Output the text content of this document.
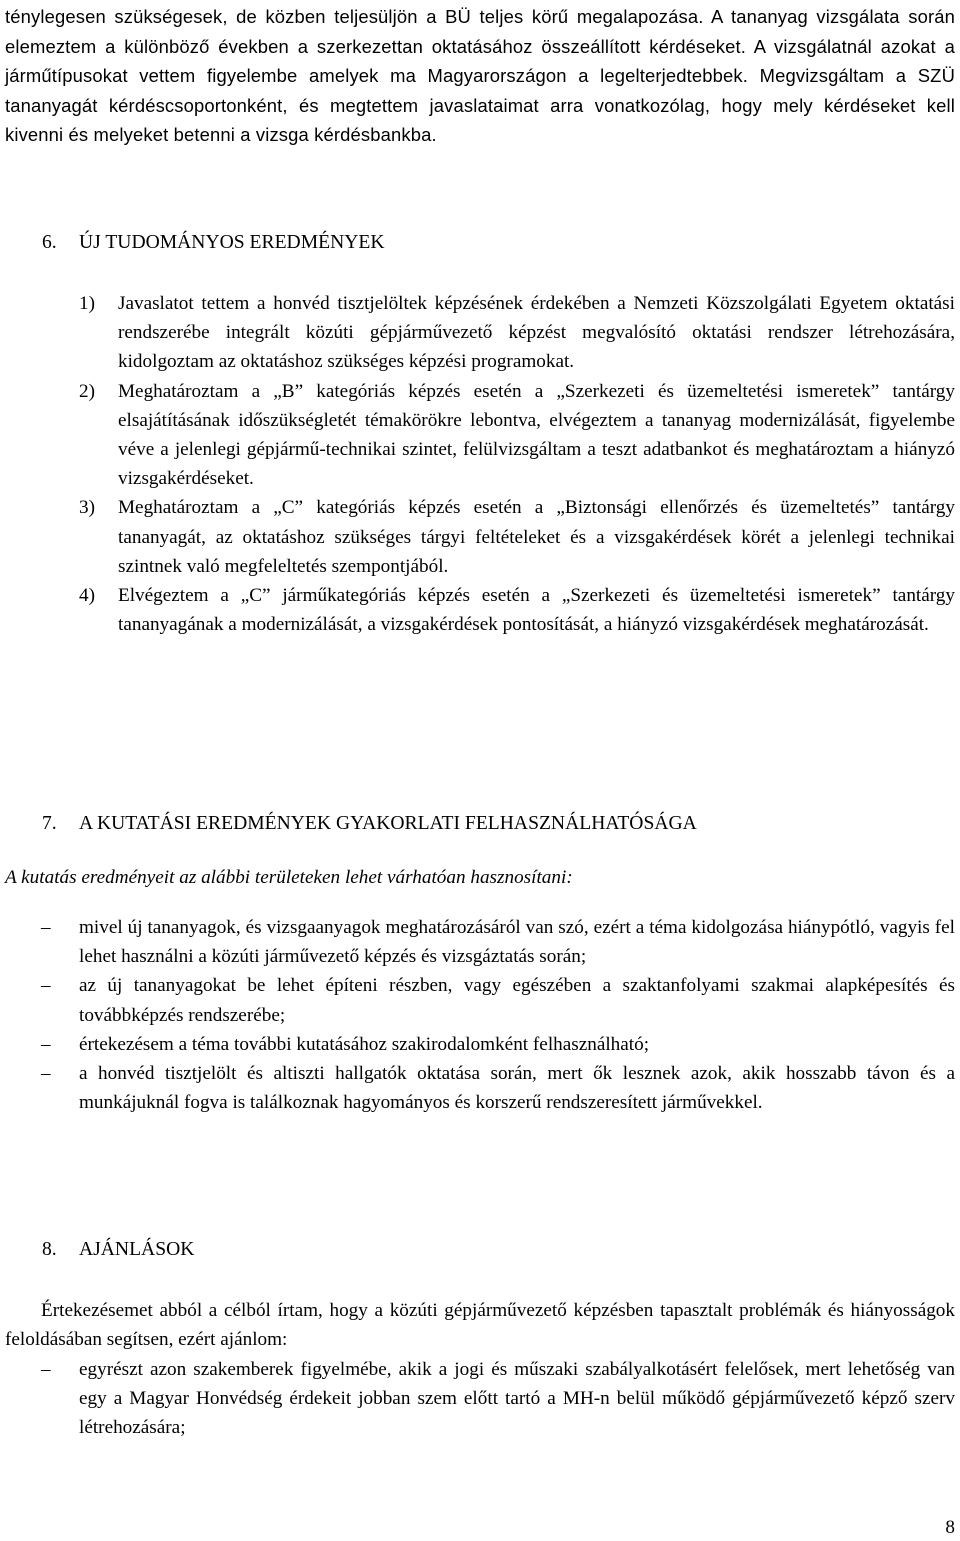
ténylegesen szükségesek, de közben teljesüljön a BÜ teljes körű megalapozása. A tananyag vizsgálata során elemeztem a különböző években a szerkezettan oktatásához összeállított kérdéseket. A vizsgálatnál azokat a járműtípusokat vettem figyelembe amelyek ma Magyarországon a legelterjedtebbek. Megvizsgáltam a SZÜ tananyagát kérdéscsoportonként, és megtettem javaslataimat arra vonatkozólag, hogy mely kérdéseket kell kivenni és melyeket betenni a vizsga kérdésbankba.

6. ÚJ TUDOMÁNYOS EREDMÉNYEK
1) Javaslatot tettem a honvéd tisztjelöltek képzésének érdekében a Nemzeti Közszolgálati Egyetem oktatási rendszerébe integrált közúti gépjárművezető képzést megvalósító oktatási rendszer létrehozására, kidolgoztam az oktatáshoz szükséges képzési programokat.
2) Meghatároztam a „B” kategóriás képzés esetén a „Szerkezeti és üzemeltetési ismeretek” tantárgy elsajátításának időszükségletét témakörökre lebontva, elvégeztem a tananyag modernizálását, figyelembe véve a jelenlegi gépjármű-technikai szintet, felülvizsgáltam a teszt adatbankot és meghatároztam a hiányzó vizsgakérdéseket.
3) Meghatároztam a „C” kategóriás képzés esetén a „Biztonsági ellenőrzés és üzemeltetés” tantárgy tananyagát, az oktatáshoz szükséges tárgyi feltételeket és a vizsgakérdések körét a jelenlegi technikai szintnek való megfeleltetés szempontjából.
4) Elvégeztem a „C” járműkategóriás képzés esetén a „Szerkezeti és üzemeltetési ismeretek” tantárgy tananyagának a modernizálását, a vizsgakérdések pontosítását, a hiányzó vizsgakérdések meghatározását.
7. A KUTATÁSI EREDMÉNYEK GYAKORLATI FELHASZNÁLHATÓSÁGA

A kutatás eredményeit az alábbi területeken lehet várhatóan hasznosítani:

–	mivel új tananyagok, és vizsgaanyagok meghatározásáról van szó, ezért a téma kidolgozása hiánypótló, vagyis fel lehet használni a közúti járművezető képzés és vizsgáztatás során;
–	az új tananyagokat be lehet építeni részben, vagy egészében a szaktanfolyami szakmai alapképesítés és továbbképzés rendszerébe;
–	értekezésem a téma további kutatásához szakirodalomként felhasználható;
–	a honvéd tisztjelölt és altiszti hallgatók oktatása során, mert ők lesznek azok, akik hosszabb távon és a munkájuknál fogva is találkoznak hagyományos és korszerű rendszeresített járművekkel.
8. AJÁNLÁSOK

Értekezésemet abból a célból írtam, hogy a közúti gépjárművezető képzésben tapasztalt problémák és hiányosságok feloldásában segítsen, ezért ajánlom:

–	egyrészt azon szakemberek figyelmébe, akik a jogi és műszaki szabályalkotásért felelősek, mert lehetőség van egy a Magyar Honvédség érdekeit jobban szem előtt tartó a MH-n belül működő gépjárművezető képző szerv létrehozására;

8
